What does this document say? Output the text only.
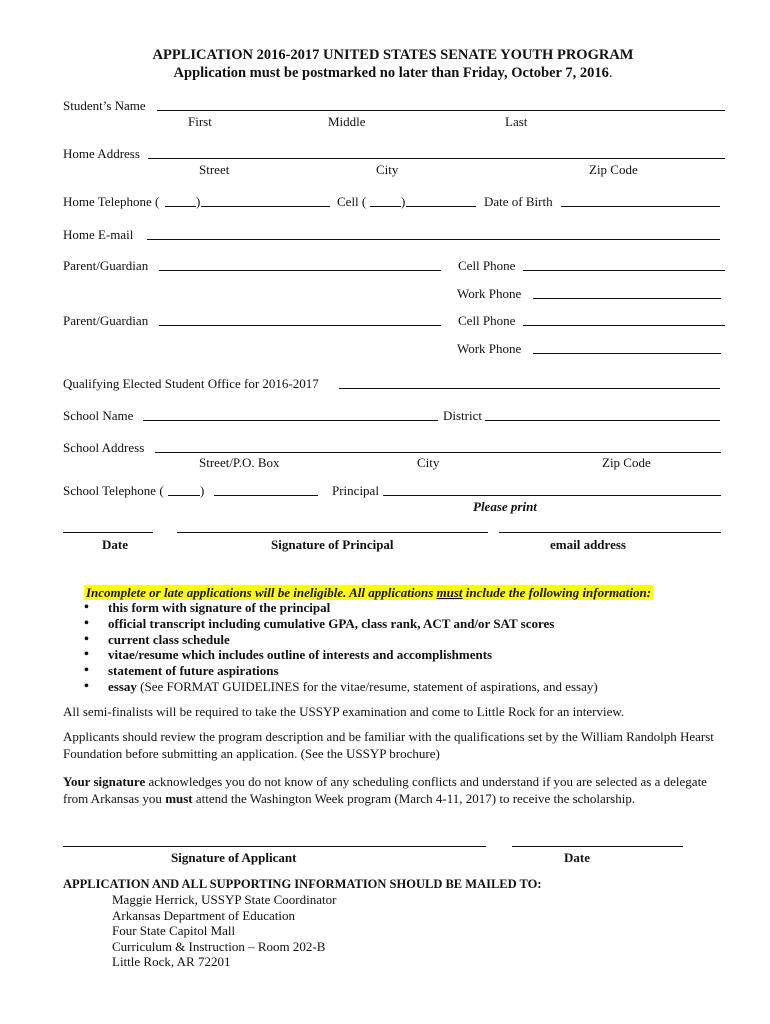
APPLICATION 2016-2017 UNITED STATES SENATE YOUTH PROGRAM
Application must be postmarked no later than Friday, October 7, 2016.
Student’s Name
First	Middle	Last
Home Address
Street	City	Zip Code
Home Telephone (	)	Cell (	)	Date of Birth
Home E-mail
Parent/Guardian	Cell Phone
Work Phone
Parent/Guardian	Cell Phone
Work Phone
Qualifying Elected Student Office for 2016-2017
School Name	District
School Address
Street/P.O. Box	City	Zip Code
School Telephone (	)	Principal
Please print
Date	Signature of Principal	email address
Incomplete or late applications will be ineligible. All applications must include the following information:
• this form with signature of the principal
• official transcript including cumulative GPA, class rank, ACT and/or SAT scores
• current class schedule
• vitae/resume which includes outline of interests and accomplishments
• statement of future aspirations
• essay (See FORMAT GUIDELINES for the vitae/resume, statement of aspirations, and essay)
All semi-finalists will be required to take the USSYP examination and come to Little Rock for an interview.
Applicants should review the program description and be familiar with the qualifications set by the William Randolph Hearst Foundation before submitting an application. (See the USSYP brochure)
Your signature acknowledges you do not know of any scheduling conflicts and understand if you are selected as a delegate from Arkansas you must attend the Washington Week program (March 4-11, 2017) to receive the scholarship.
Signature of Applicant	Date
APPLICATION AND ALL SUPPORTING INFORMATION SHOULD BE MAILED TO:
Maggie Herrick, USSYP State Coordinator
Arkansas Department of Education
Four State Capitol Mall
Curriculum & Instruction – Room 202-B
Little Rock, AR 72201
